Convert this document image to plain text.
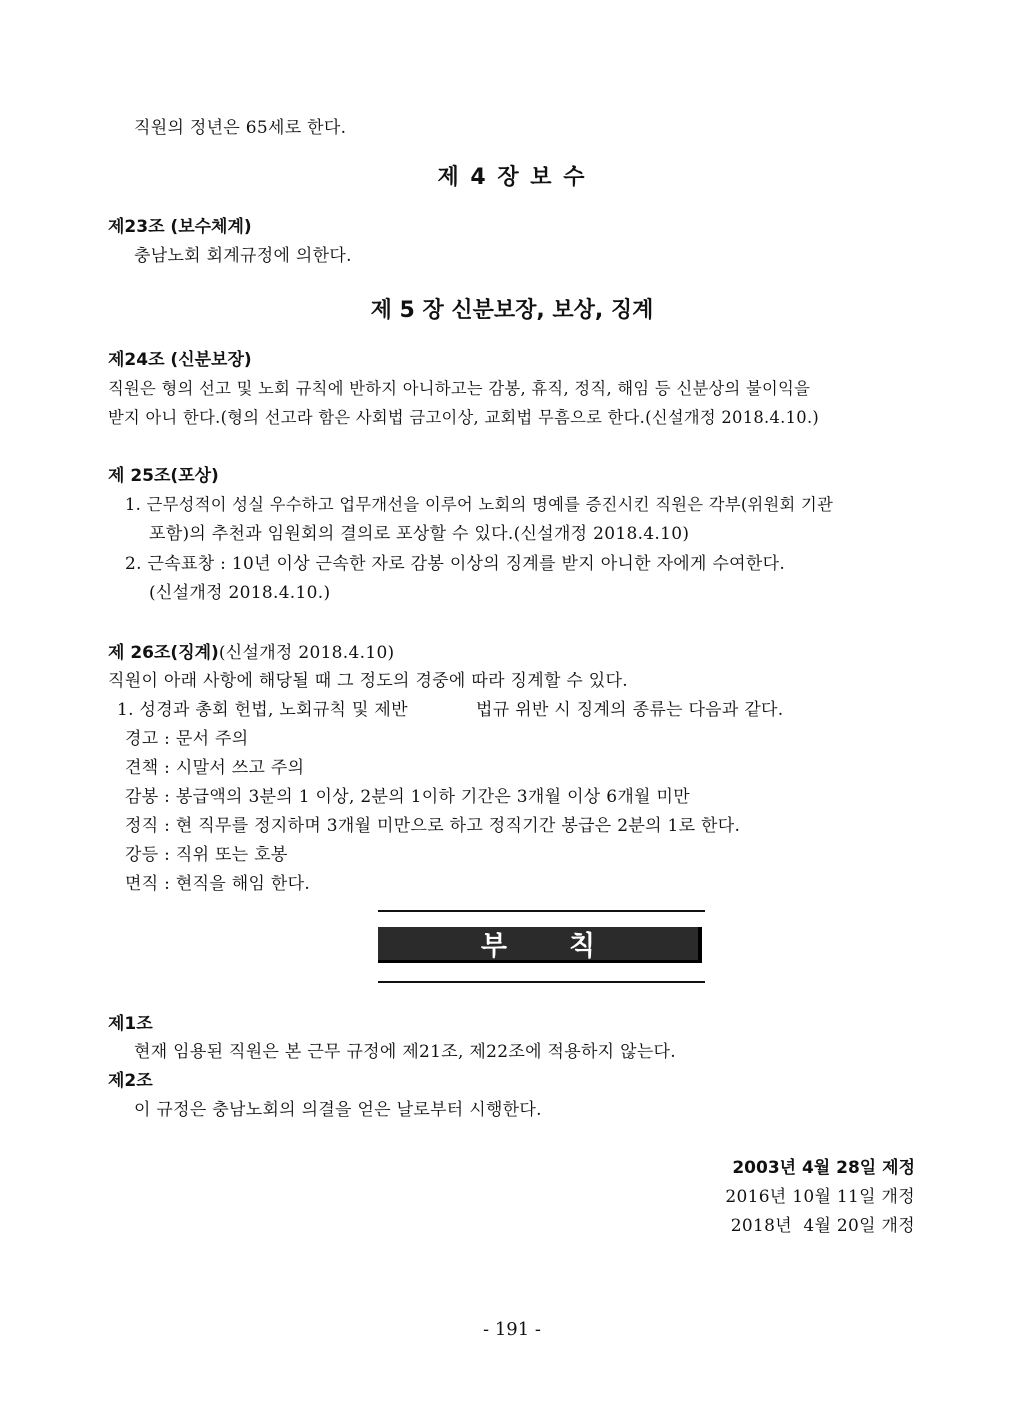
직원의 정년은 65세로 한다.
제 4 장 보 수
제23조 (보수체계)
충남노회 회계규정에 의한다.
제 5 장 신분보장, 보상, 징계
제24조 (신분보장)
직원은 형의 선고 및 노회 규칙에 반하지 아니하고는 감봉, 휴직, 정직, 해임 등 신분상의 불이익을
받지 아니 한다.(형의 선고라 함은 사회법 금고이상, 교회법 무흠으로 한다.(신설개정 2018.4.10.)
제 25조(포상)
1. 근무성적이 성실 우수하고 업무개선을 이루어 노회의 명예를 증진시킨 직원은 각부(위원회 기관
포함)의 추천과 임원회의 결의로 포상할 수 있다.(신설개정 2018.4.10)
2. 근속표창 : 10년 이상 근속한 자로 감봉 이상의 징계를 받지 아니한 자에게 수여한다.
(신설개정 2018.4.10.)
제 26조(징계)(신설개정 2018.4.10)
직원이 아래 사항에 해당될 때 그 정도의 경중에 따라 징계할 수 있다.
1. 성경과 총회 헌법, 노회규칙 및 제반	법규 위반 시 징계의 종류는 다음과 같다.
경고 : 문서 주의
견책 : 시말서 쓰고 주의
감봉 : 봉급액의 3분의 1 이상, 2분의 1이하 기간은 3개월 이상 6개월 미만
정직 : 현 직무를 정지하며 3개월 미만으로 하고 정직기간 봉급은 2분의 1로 한다.
강등 : 직위 또는 호봉
면직 : 현직을 해임 한다.
부칙
제1조
현재 임용된 직원은 본 근무 규정에 제21조, 제22조에 적용하지 않는다.
제2조
이 규정은 충남노회의 의결을 얻은 날로부터 시행한다.
2003년 4월 28일 제정
2016년 10월 11일 개정
2018년  4월 20일 개정
- 191 -
